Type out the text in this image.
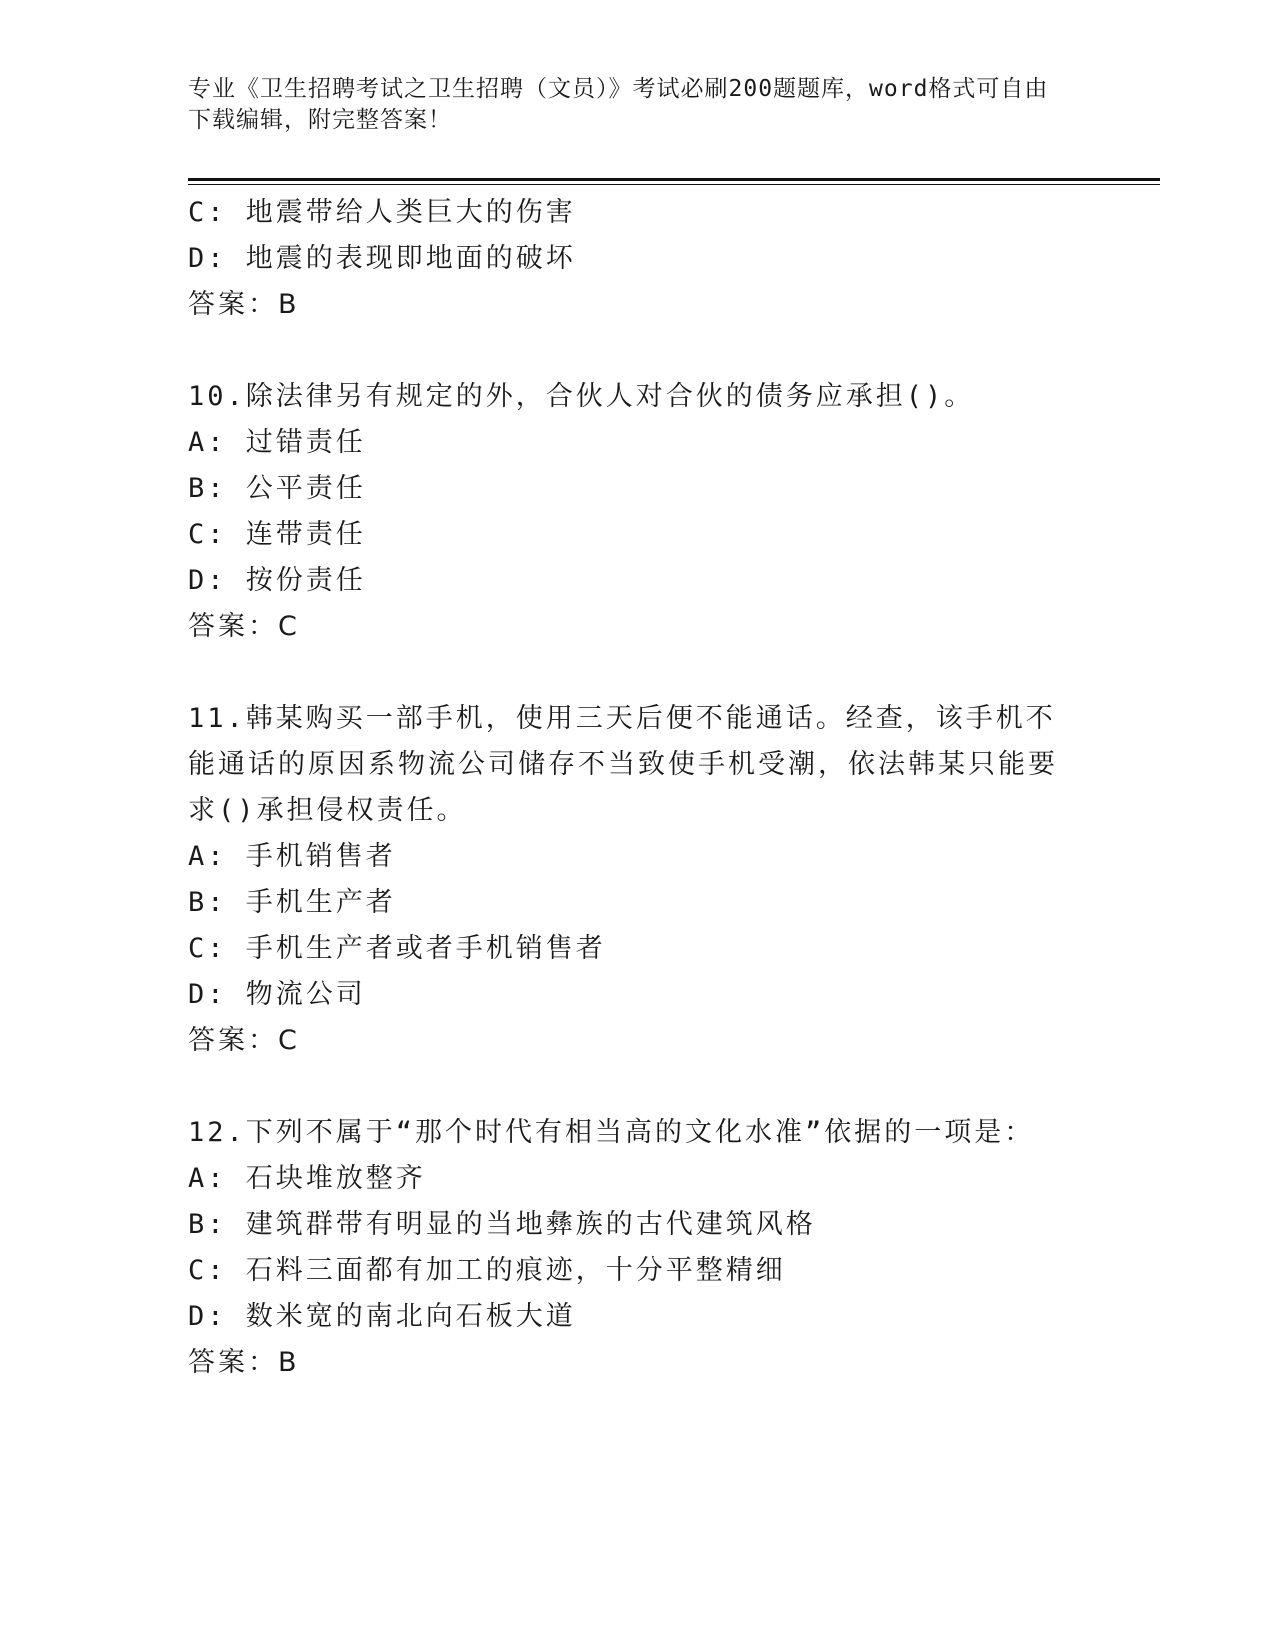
专业《卫生招聘考试之卫生招聘（文员）》考试必刷200题题库，word格式可自由下载编辑，附完整答案！
C: 地震带给人类巨大的伤害
D: 地震的表现即地面的破坏
答案：B
10.除法律另有规定的外，合伙人对合伙的债务应承担()。
A: 过错责任
B: 公平责任
C: 连带责任
D: 按份责任
答案：C
11.韩某购买一部手机，使用三天后便不能通话。经查，该手机不能通话的原因系物流公司储存不当致使手机受潮，依法韩某只能要求()承担侵权责任。
A: 手机销售者
B: 手机生产者
C: 手机生产者或者手机销售者
D: 物流公司
答案：C
12.下列不属于“那个时代有相当高的文化水准”依据的一项是：
A: 石块堆放整齐
B: 建筑群带有明显的当地彝族的古代建筑风格
C: 石料三面都有加工的痕迹，十分平整精细
D: 数米宽的南北向石板大道
答案：B
